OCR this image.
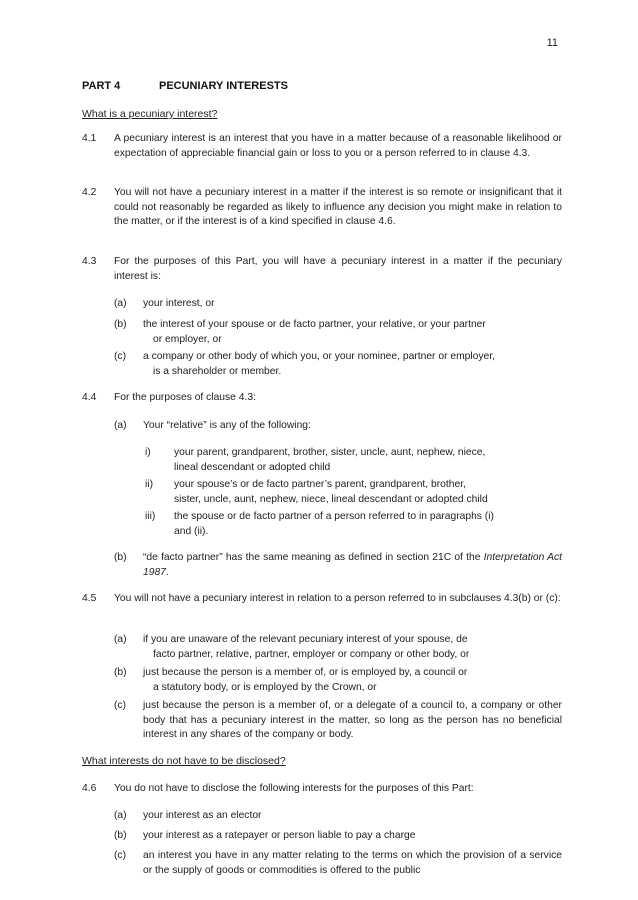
11
PART 4	PECUNIARY INTERESTS
What is a pecuniary interest?
4.1 A pecuniary interest is an interest that you have in a matter because of a reasonable likelihood or expectation of appreciable financial gain or loss to you or a person referred to in clause 4.3.
4.2 You will not have a pecuniary interest in a matter if the interest is so remote or insignificant that it could not reasonably be regarded as likely to influence any decision you might make in relation to the matter, or if the interest is of a kind specified in clause 4.6.
4.3 For the purposes of this Part, you will have a pecuniary interest in a matter if the pecuniary interest is:
(a) your interest, or
(b) the interest of your spouse or de facto partner, your relative, or your partner
or employer, or
(c) a company or other body of which you, or your nominee, partner or employer,
is a shareholder or member.
4.4 For the purposes of clause 4.3:
(a) Your “relative” is any of the following:
i) your parent, grandparent, brother, sister, uncle, aunt, nephew, niece,
lineal descendant or adopted child
ii) your spouse’s or de facto partner’s parent, grandparent, brother,
sister, uncle, aunt, nephew, niece, lineal descendant or adopted child
iii) the spouse or de facto partner of a person referred to in paragraphs (i)
and (ii).
(b) “de facto partner” has the same meaning as defined in section 21C of the Interpretation Act 1987.
4.5 You will not have a pecuniary interest in relation to a person referred to in subclauses 4.3(b) or (c):
(a) if you are unaware of the relevant pecuniary interest of your spouse, de
facto partner, relative, partner, employer or company or other body, or
(b) just because the person is a member of, or is employed by, a council or
a statutory body, or is employed by the Crown, or
(c) just because the person is a member of, or a delegate of a council to, a company or other body that has a pecuniary interest in the matter, so long as the person has no beneficial interest in any shares of the company or body.
What interests do not have to be disclosed?
4.6 You do not have to disclose the following interests for the purposes of this Part:
(a) your interest as an elector
(b) your interest as a ratepayer or person liable to pay a charge
(c) an interest you have in any matter relating to the terms on which the provision of a service or the supply of goods or commodities is offered to the public
